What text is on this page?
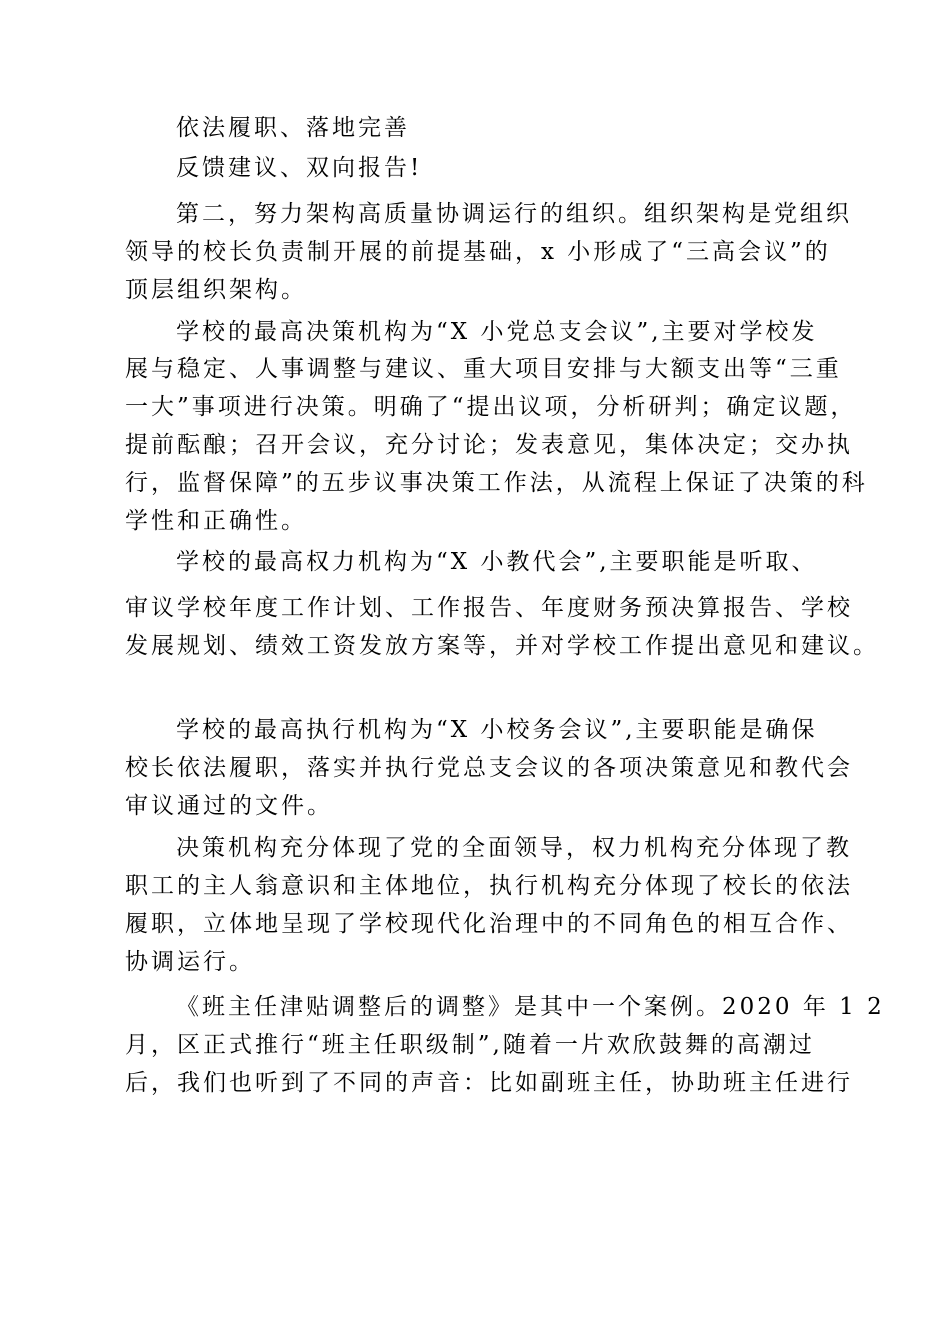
依法履职、落地完善
反馈建议、双向报告!
第二，努力架构高质量协调运行的组织。组织架构是党组织
领导的校长负责制开展的前提基础，x 小形成了“三高会议”的
顶层组织架构。
学校的最高决策机构为“X 小党总支会议”,主要对学校发
展与稳定、人事调整与建议、重大项目安排与大额支出等“三重
一大”事项进行决策。明确了“提出议项，分析研判；确定议题，
提前酝酿；召开会议，充分讨论；发表意见，集体决定；交办执
行，监督保障”的五步议事决策工作法，从流程上保证了决策的科
学性和正确性。
学校的最高权力机构为“X 小教代会”,主要职能是听取、
审议学校年度工作计划、工作报告、年度财务预决算报告、学校
发展规划、绩效工资发放方案等，并对学校工作提出意见和建议。
学校的最高执行机构为“X 小校务会议”,主要职能是确保
校长依法履职，落实并执行党总支会议的各项决策意见和教代会
审议通过的文件。
决策机构充分体现了党的全面领导，权力机构充分体现了教
职工的主人翁意识和主体地位，执行机构充分体现了校长的依法
履职，立体地呈现了学校现代化治理中的不同角色的相互合作、
协调运行。
《班主任津贴调整后的调整》是其中一个案例。2020 年 1 2
月，区正式推行“班主任职级制”,随着一片欢欣鼓舞的高潮过
后，我们也听到了不同的声音：比如副班主任，协助班主任进行
